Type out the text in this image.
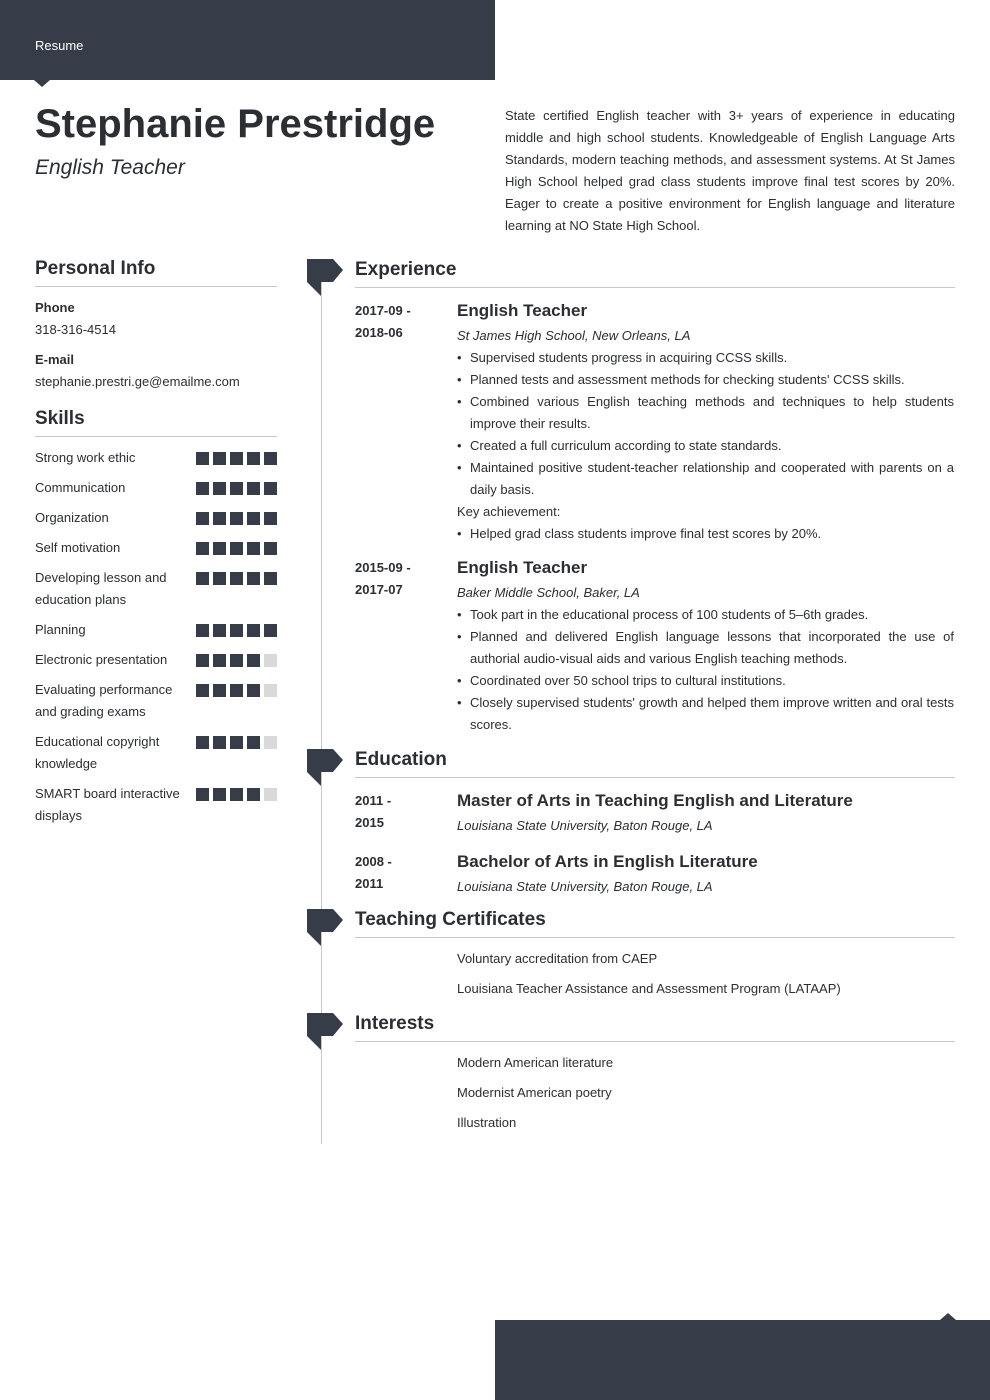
Resume
Stephanie Prestridge
English Teacher
State certified English teacher with 3+ years of experience in educating middle and high school students. Knowledgeable of English Language Arts Standards, modern teaching methods, and assessment systems. At St James High School helped grad class students improve final test scores by 20%. Eager to create a positive environment for English language and literature learning at NO State High School.
Personal Info
Phone
318-316-4514
E-mail
stephanie.prestri.ge@emailme.com
Skills
Strong work ethic
Communication
Organization
Self motivation
Developing lesson and education plans
Planning
Electronic presentation
Evaluating performance and grading exams
Educational copyright knowledge
SMART board interactive displays
Experience
2017-09 -
2018-06
English Teacher
St James High School, New Orleans, LA
• Supervised students progress in acquiring CCSS skills.
• Planned tests and assessment methods for checking students' CCSS skills.
• Combined various English teaching methods and techniques to help students improve their results.
• Created a full curriculum according to state standards.
• Maintained positive student-teacher relationship and cooperated with parents on a daily basis.
Key achievement:
• Helped grad class students improve final test scores by 20%.
2015-09 -
2017-07
English Teacher
Baker Middle School, Baker, LA
• Took part in the educational process of 100 students of 5–6th grades.
• Planned and delivered English language lessons that incorporated the use of authorial audio-visual aids and various English teaching methods.
• Coordinated over 50 school trips to cultural institutions.
• Closely supervised students' growth and helped them improve written and oral tests scores.
Education
2011 -
2015
Master of Arts in Teaching English and Literature
Louisiana State University, Baton Rouge, LA
2008 -
2011
Bachelor of Arts in English Literature
Louisiana State University, Baton Rouge, LA
Teaching Certificates
Voluntary accreditation from CAEP
Louisiana Teacher Assistance and Assessment Program (LATAAP)
Interests
Modern American literature
Modernist American poetry
Illustration
